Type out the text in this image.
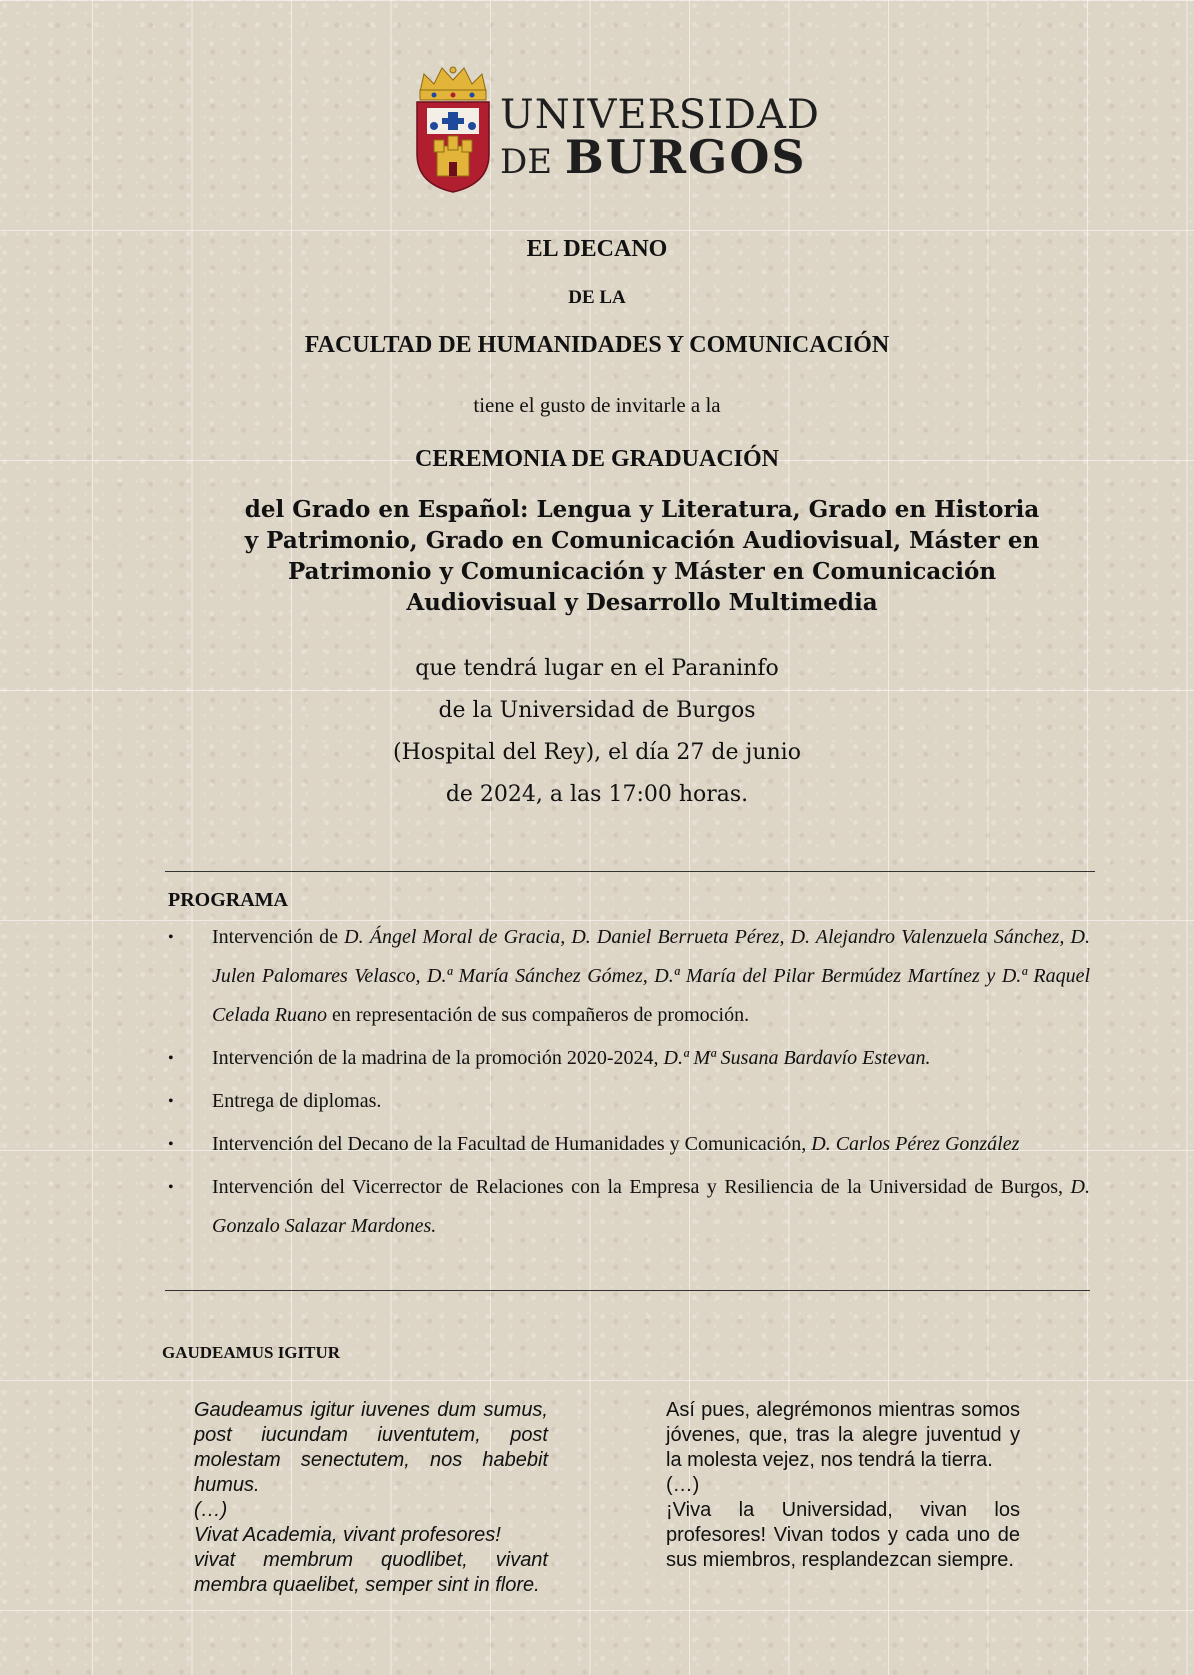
UNIVERSIDAD
DE BURGOS
EL DECANO
DE LA
FACULTAD DE HUMANIDADES Y COMUNICACIÓN
tiene el gusto de invitarle a la
CEREMONIA DE GRADUACIÓN
del Grado en Español: Lengua y Literatura, Grado en Historia y Patrimonio, Grado en Comunicación Audiovisual, Máster en Patrimonio y Comunicación y Máster en Comunicación Audiovisual y Desarrollo Multimedia
que tendrá lugar en el Paraninfo
de la Universidad de Burgos
(Hospital del Rey), el día 27 de junio
de 2024, a las 17:00 horas.
PROGRAMA
• Intervención de D. Ángel Moral de Gracia, D. Daniel Berrueta Pérez, D. Alejandro Valenzuela Sánchez, D. Julen Palomares Velasco, D.ª María Sánchez Gómez, D.ª María del Pilar Bermúdez Martínez y D.ª Raquel Celada Ruano en representación de sus compañeros de promoción.
• Intervención de la madrina de la promoción 2020-2024, D.ª Mª Susana Bardavío Estevan.
• Entrega de diplomas.
• Intervención del Decano de la Facultad de Humanidades y Comunicación, D. Carlos Pérez González
• Intervención del Vicerrector de Relaciones con la Empresa y Resiliencia de la Universidad de Burgos, D. Gonzalo Salazar Mardones.
GAUDEAMUS IGITUR

Gaudeamus igitur iuvenes dum sumus, post iucundam iuventutem, post molestam senectutem, nos habebit humus.

(…)

Vivat Academia, vivant profesores!

vivat membrum quodlibet, vivant membra quaelibet, semper sint in flore.

Así pues, alegrémonos mientras somos jóvenes, que, tras la alegre juventud y la molesta vejez, nos tendrá la tierra.

(…)

¡Viva la Universidad, vivan los profesores! Vivan todos y cada uno de sus miembros, resplandezcan siempre.
